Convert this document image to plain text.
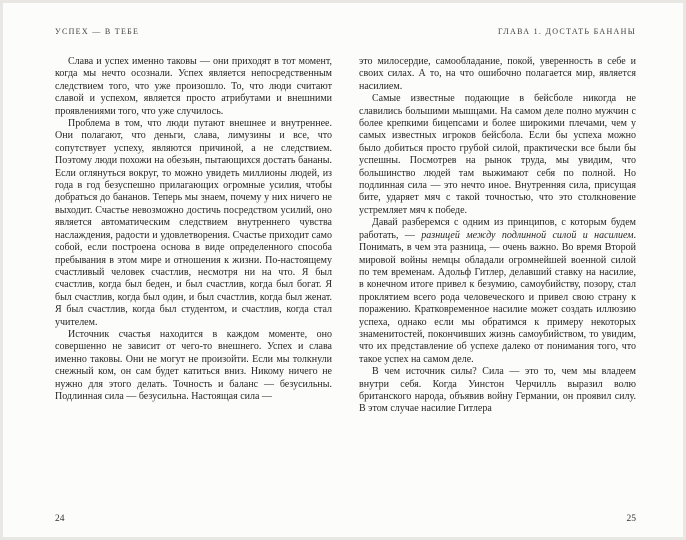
УСПЕХ — В ТЕБЕ

Слава и успех именно таковы — они приходят в тот момент, когда мы нечто осознали. Успех является непосредственным следствием того, что уже произошло. То, что люди считают славой и успехом, является просто атрибутами и внешними проявлениями того, что уже случилось.

Проблема в том, что люди путают внешнее и внутреннее. Они полагают, что деньги, слава, лимузины и все, что сопутствует успеху, являются причиной, а не следствием. Поэтому люди похожи на обезьян, пытающихся достать бананы. Если оглянуться вокруг, то можно увидеть миллионы людей, из года в год безуспешно прилагающих огромные усилия, чтобы добраться до бананов. Теперь мы знаем, почему у них ничего не выходит. Счастье невозможно достичь посредством усилий, оно является автоматическим следствием внутреннего чувства наслаждения, радости и удовлетворения. Счастье приходит само собой, если построена основа в виде определенного способа пребывания в этом мире и отношения к жизни. По-настоящему счастливый человек счастлив, несмотря ни на что. Я был счастлив, когда был беден, и был счастлив, когда был богат. Я был счастлив, когда был один, и был счастлив, когда был женат. Я был счастлив, когда был студентом, и счастлив, когда стал учителем.

Источник счастья находится в каждом моменте, оно совершенно не зависит от чего-то внешнего. Успех и слава именно таковы. Они не могут не произойти. Если мы толкнули снежный ком, он сам будет катиться вниз. Никому ничего не нужно для этого делать. Точность и баланс — безусильны. Подлинная сила — безусильна. Настоящая сила —

24
ГЛАВА 1. ДОСТАТЬ БАНАНЫ

это милосердие, самообладание, покой, уверенность в себе и своих силах. А то, на что ошибочно полагается мир, является насилием.

Самые известные подающие в бейсболе никогда не славились большими мышцами. На самом деле полно мужчин с более крепкими бицепсами и более широкими плечами, чем у самых известных игроков бейсбола. Если бы успеха можно было добиться просто грубой силой, практически все были бы успешны. Посмотрев на рынок труда, мы увидим, что большинство людей там выжимают себя по полной. Но подлинная сила — это нечто иное. Внутренняя сила, присущая бите, ударяет мяч с такой точностью, что это столкновение устремляет мяч к победе.

Давай разберемся с одним из принципов, с которым будем работать, — разницей между подлинной силой и насилием. Понимать, в чем эта разница, — очень важно. Во время Второй мировой войны немцы обладали огромнейшей военной силой по тем временам. Адольф Гитлер, делавший ставку на насилие, в конечном итоге привел к безумию, самоубийству, позору, стал проклятием всего рода человеческого и привел свою страну к поражению. Кратковременное насилие может создать иллюзию успеха, однако если мы обратимся к примеру некоторых знаменитостей, покончивших жизнь самоубийством, то увидим, что их представление об успехе далеко от понимания того, что такое успех на самом деле.

В чем источник силы? Сила — это то, чем мы владеем внутри себя. Когда Уинстон Черчилль выразил волю британского народа, объявив войну Германии, он проявил силу. В этом случае насилие Гитлера

25
